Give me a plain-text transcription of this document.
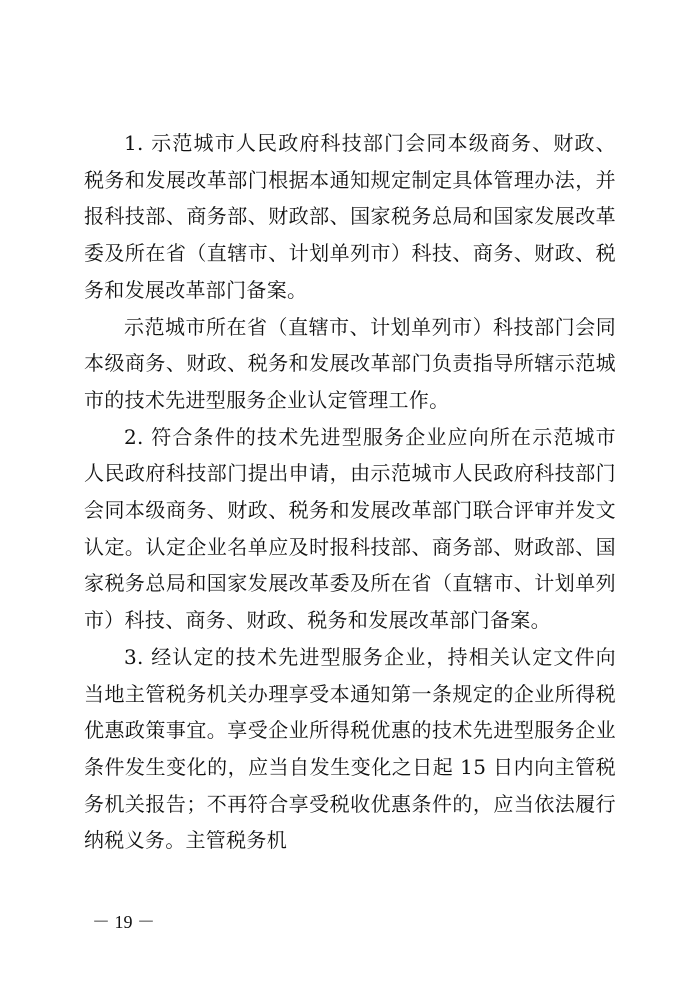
1. 示范城市人民政府科技部门会同本级商务、财政、税务和发展改革部门根据本通知规定制定具体管理办法，并报科技部、商务部、财政部、国家税务总局和国家发展改革委及所在省（直辖市、计划单列市）科技、商务、财政、税务和发展改革部门备案。

示范城市所在省（直辖市、计划单列市）科技部门会同本级商务、财政、税务和发展改革部门负责指导所辖示范城市的技术先进型服务企业认定管理工作。

2. 符合条件的技术先进型服务企业应向所在示范城市人民政府科技部门提出申请，由示范城市人民政府科技部门会同本级商务、财政、税务和发展改革部门联合评审并发文认定。认定企业名单应及时报科技部、商务部、财政部、国家税务总局和国家发展改革委及所在省（直辖市、计划单列市）科技、商务、财政、税务和发展改革部门备案。

3. 经认定的技术先进型服务企业，持相关认定文件向当地主管税务机关办理享受本通知第一条规定的企业所得税优惠政策事宜。享受企业所得税优惠的技术先进型服务企业条件发生变化的，应当自发生变化之日起 15 日内向主管税务机关报告；不再符合享受税收优惠条件的，应当依法履行纳税义务。主管税务机

－ 19 －
